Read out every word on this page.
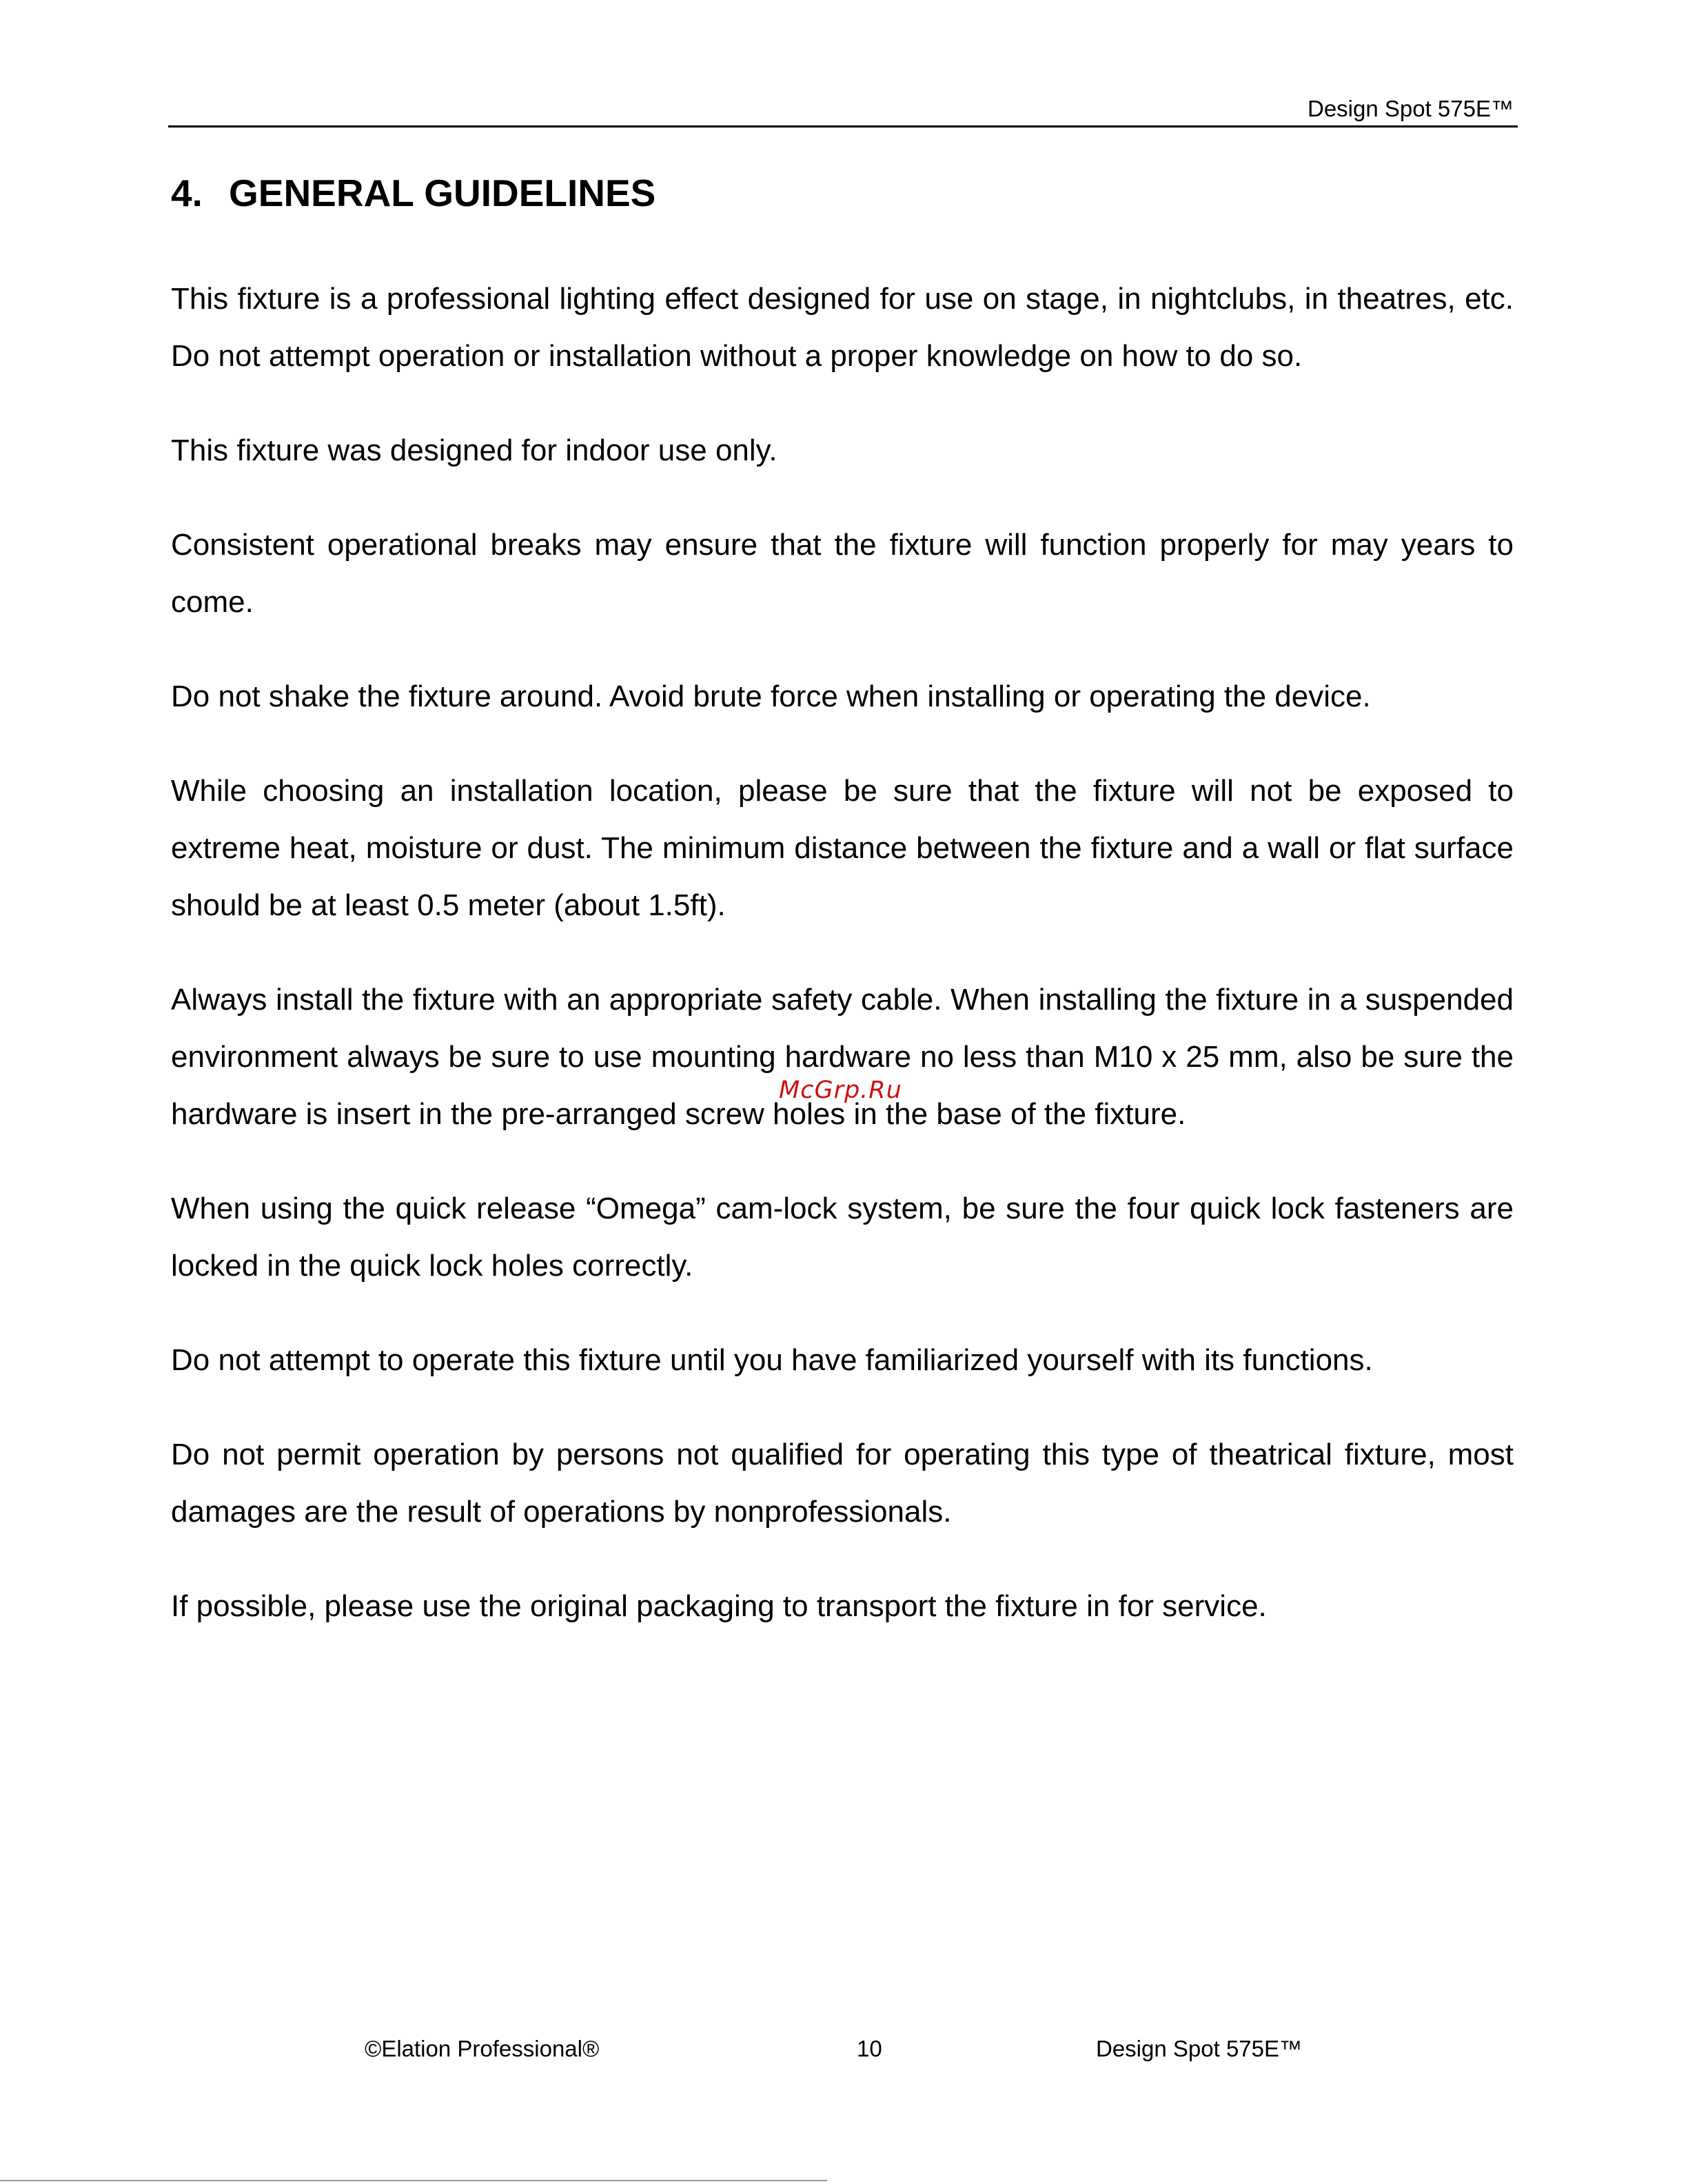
Design Spot 575E™
4. GENERAL GUIDELINES

This fixture is a professional lighting effect designed for use on stage, in nightclubs, in theatres, etc. Do not attempt operation or installation without a proper knowledge on how to do so.

This fixture was designed for indoor use only.

Consistent operational breaks may ensure that the fixture will function properly for may years to come.

Do not shake the fixture around. Avoid brute force when installing or operating the device.

While choosing an installation location, please be sure that the fixture will not be exposed to extreme heat, moisture or dust. The minimum distance between the fixture and a wall or flat surface should be at least 0.5 meter (about 1.5ft).

Always install the fixture with an appropriate safety cable. When installing the fixture in a suspended environment always be sure to use mounting hardware no less than M10 x 25 mm, also be sure the hardware is insert in the pre-arranged screw holes in the base of the fixture.

When using the quick release “Omega” cam-lock system, be sure the four quick lock fasteners are locked in the quick lock holes correctly.

Do not attempt to operate this fixture until you have familiarized yourself with its functions.

Do not permit operation by persons not qualified for operating this type of theatrical fixture, most damages are the result of operations by nonprofessionals.

If possible, please use the original packaging to transport the fixture in for service.

McGrp.Ru
©Elation Professional®	10	Design Spot 575E™
